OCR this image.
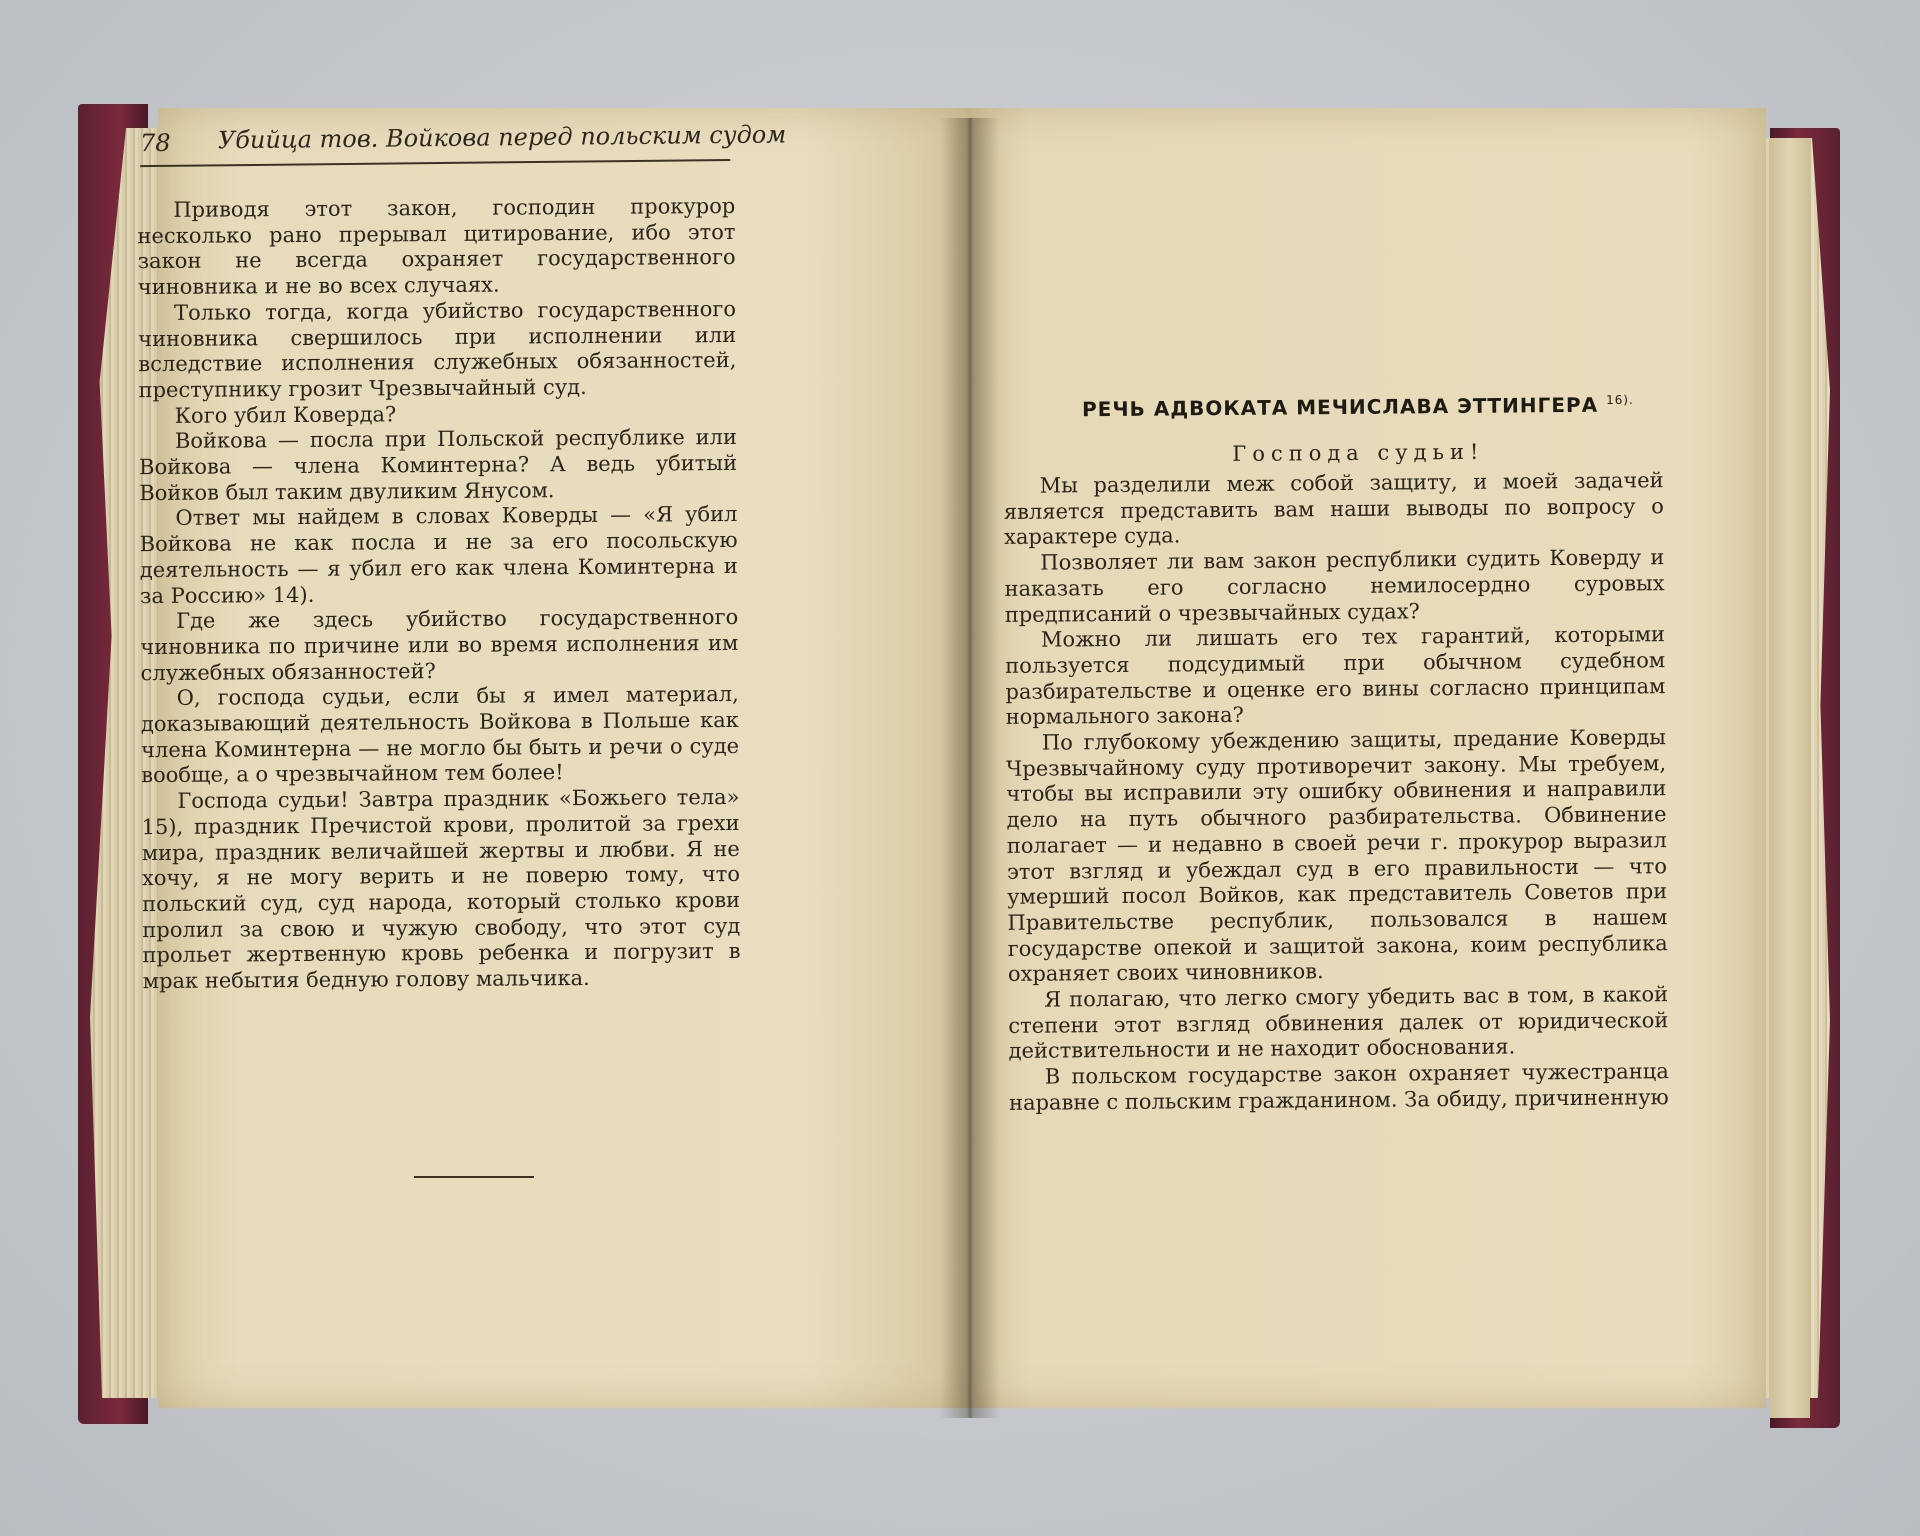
78 Убийца тов. Войкова перед польским судом

Приводя этот закон, господин прокурор несколько рано прерывал цитирование, ибо этот закон не всегда охраняет государственного чиновника и не во всех случаях.

Только тогда, когда убийство государственного чиновника свершилось при исполнении или вследствие исполнения служебных обязанностей, преступнику грозит Чрезвычайный суд.

Кого убил Коверда?

Войкова — посла при Польской республике или Войкова — члена Коминтерна? А ведь убитый Войков был таким двуликим Янусом.

Ответ мы найдем в словах Коверды — «Я убил Войкова не как посла и не за его посольскую деятельность — я убил его как члена Коминтерна и за Россию» 14).

Где же здесь убийство государственного чиновника по причине или во время исполнения им служебных обязанностей?

О, господа судьи, если бы я имел материал, доказывающий деятельность Войкова в Польше как члена Коминтерна — не могло бы быть и речи о суде вообще, а о чрезвычайном тем более!

Господа судьи! Завтра праздник «Божьего тела» 15), праздник Пречистой крови, пролитой за грехи мира, праздник величайшей жертвы и любви. Я не хочу, я не могу верить и не поверю тому, что польский суд, суд народа, который столько крови пролил за свою и чужую свободу, что этот суд прольет жертвенную кровь ребенка и погрузит в мрак небытия бедную голову мальчика.

РЕЧЬ АДВОКАТА МЕЧИСЛАВА ЭТТИНГЕРА $^{16).}$
Господа судьи!

Мы разделили меж собой защиту, и моей задачей является представить вам наши выводы по вопросу о характере суда.

Позволяет ли вам закон республики судить Коверду и наказать его согласно немилосердно суровых предписаний о чрезвычайных судах?

Можно ли лишать его тех гарантий, которыми пользуется подсудимый при обычном судебном разбирательстве и оценке его вины согласно принципам нормального закона?

По глубокому убеждению защиты, предание Коверды Чрезвычайному суду противоречит закону. Мы требуем, чтобы вы исправили эту ошибку обвинения и направили дело на путь обычного разбирательства. Обвинение полагает — и недавно в своей речи г. прокурор выразил этот взгляд и убеждал суд в его правильности — что умерший посол Войков, как представитель Советов при Правительстве республик, пользовался в нашем государстве опекой и защитой закона, коим республика охраняет своих чиновников.

Я полагаю, что легко смогу убедить вас в том, в какой степени этот взгляд обвинения далек от юридической действительности и не находит обоснования.

В польском государстве закон охраняет чужестранца наравне с польским гражданином. За обиду, причиненную
